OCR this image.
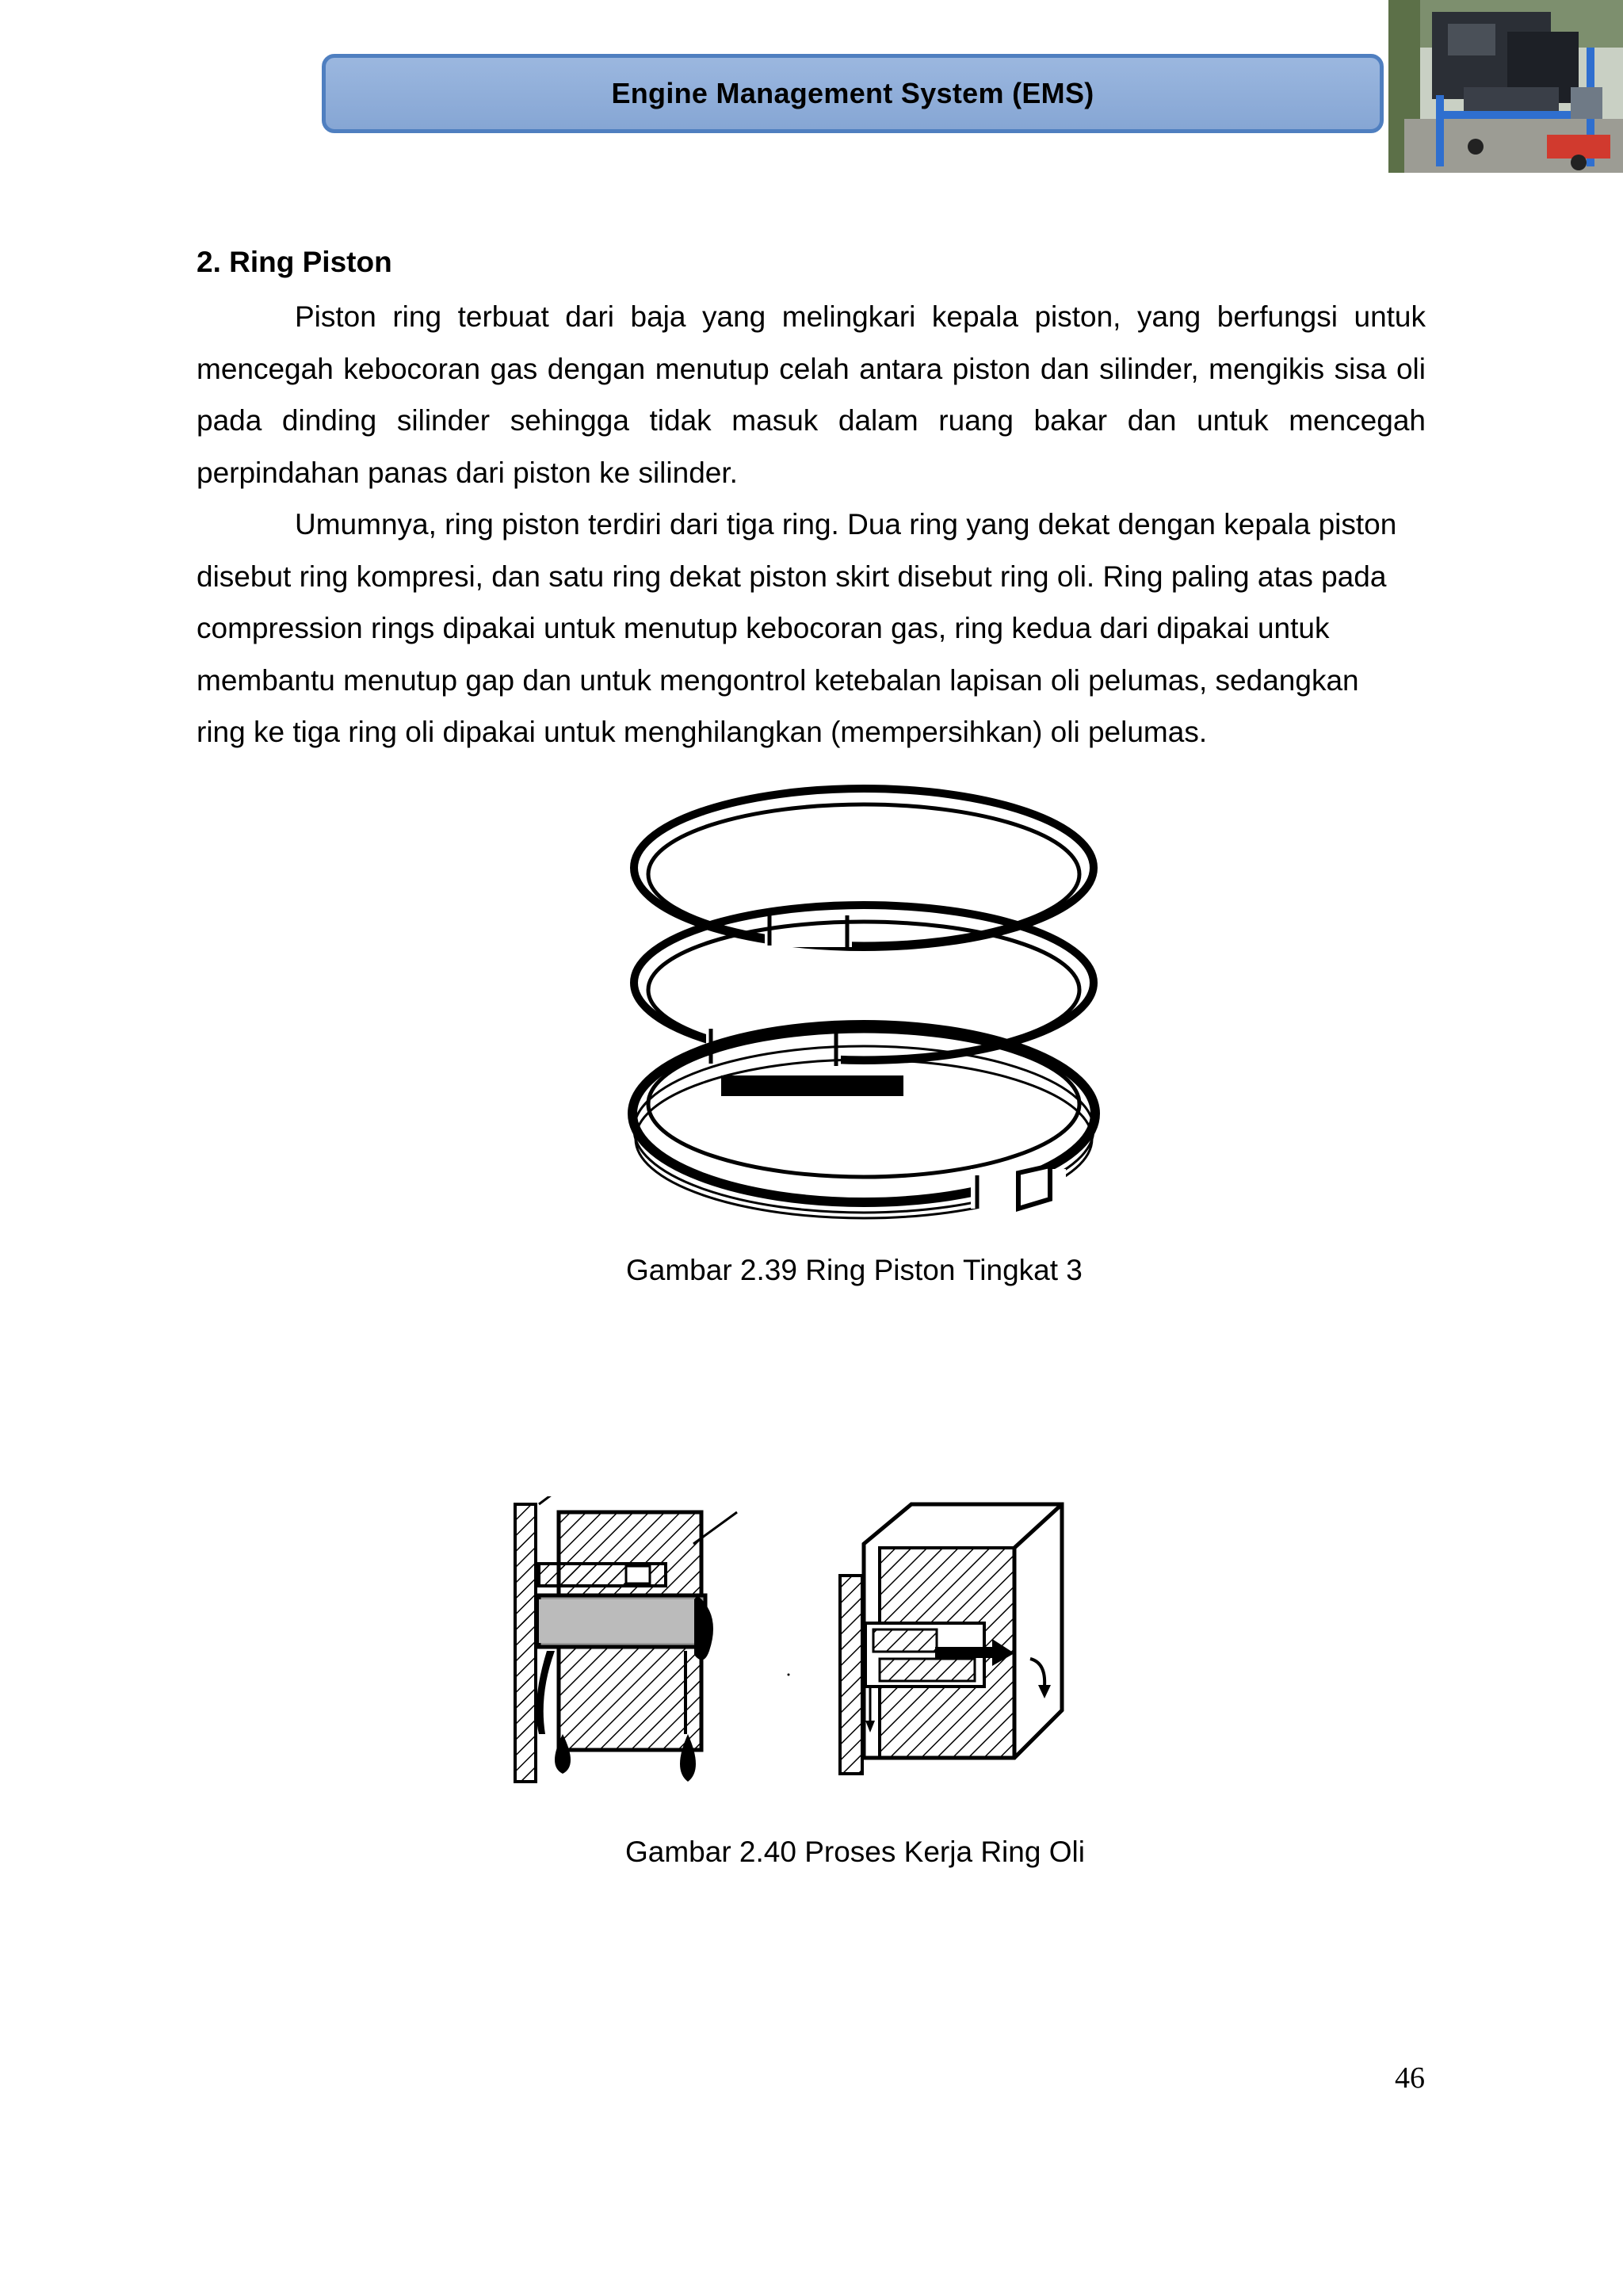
Engine Management System (EMS)
2. Ring Piston

Piston ring terbuat dari baja yang melingkari kepala piston, yang berfungsi untuk mencegah kebocoran gas dengan menutup celah antara piston dan silinder, mengikis sisa oli pada dinding silinder sehingga tidak masuk dalam ruang bakar dan untuk mencegah perpindahan panas dari piston ke silinder.

Umumnya, ring piston terdiri dari tiga ring. Dua ring yang dekat dengan kepala piston
disebut ring kompresi, dan satu ring dekat piston skirt disebut ring oli. Ring paling atas pada
compression rings dipakai untuk menutup kebocoran gas, ring kedua dari dipakai untuk
membantu menutup gap dan untuk mengontrol ketebalan lapisan oli pelumas, sedangkan
ring ke tiga ring oli dipakai untuk menghilangkan (mempersihkan) oli pelumas.
Gambar 2.39 Ring Piston Tingkat 3
Gambar 2.40 Proses Kerja Ring Oli
46
